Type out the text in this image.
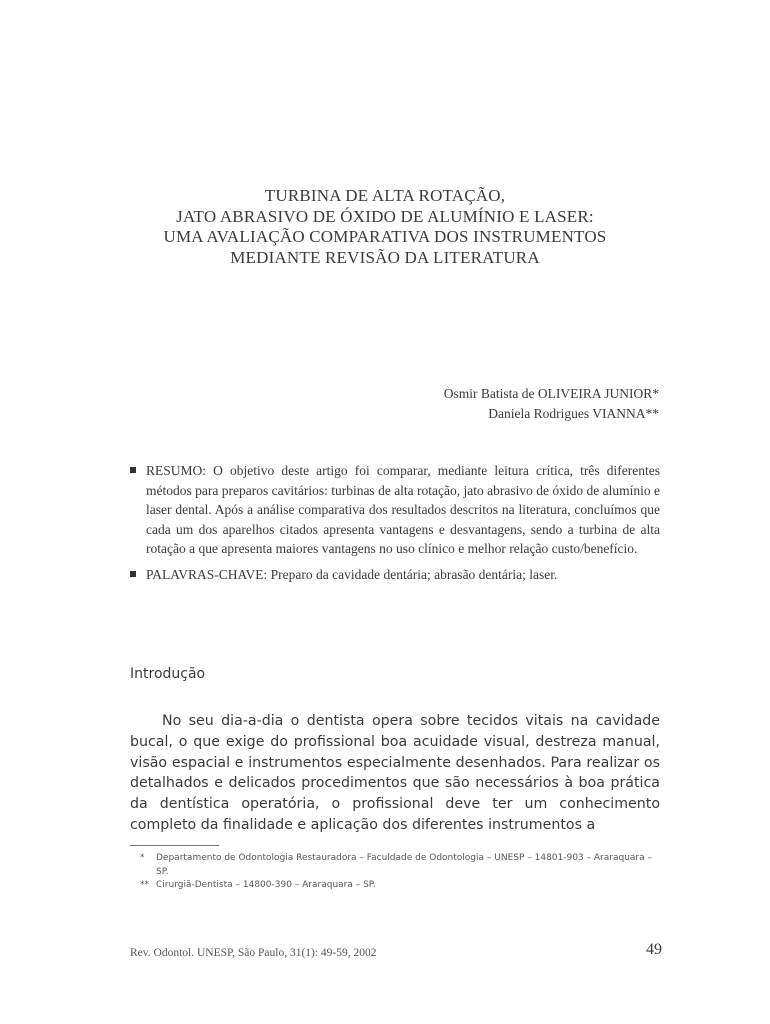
TURBINA DE ALTA ROTAÇÃO,
JATO ABRASIVO DE ÓXIDO DE ALUMÍNIO E LASER:
UMA AVALIAÇÃO COMPARATIVA DOS INSTRUMENTOS
MEDIANTE REVISÃO DA LITERATURA
Osmir Batista de OLIVEIRA JUNIOR*
Daniela Rodrigues VIANNA**
RESUMO: O objetivo deste artigo foi comparar, mediante leitura crítica, três diferentes métodos para preparos cavitários: turbinas de alta rotação, jato abrasivo de óxido de alumínio e laser dental. Após a análise comparativa dos resultados descritos na literatura, concluímos que cada um dos aparelhos citados apresenta vantagens e desvantagens, sendo a turbina de alta rotação a que apresenta maiores vantagens no uso clínico e melhor relação custo/benefício.
PALAVRAS-CHAVE: Preparo da cavidade dentária; abrasão dentária; laser.
Introdução
No seu dia-a-dia o dentista opera sobre tecidos vitais na cavidade bucal, o que exige do profissional boa acuidade visual, destreza manual, visão espacial e instrumentos especialmente desenhados. Para realizar os detalhados e delicados procedimentos que são necessários à boa prática da dentística operatória, o profissional deve ter um conhecimento completo da finalidade e aplicação dos diferentes instrumentos a
* Departamento de Odontologia Restauradora – Faculdade de Odontologia – UNESP – 14801-903 – Araraquara – SP.
** Cirurgiã-Dentista – 14800-390 – Araraquara – SP.
Rev. Odontol. UNESP, São Paulo, 31(1): 49-59, 2002	49
